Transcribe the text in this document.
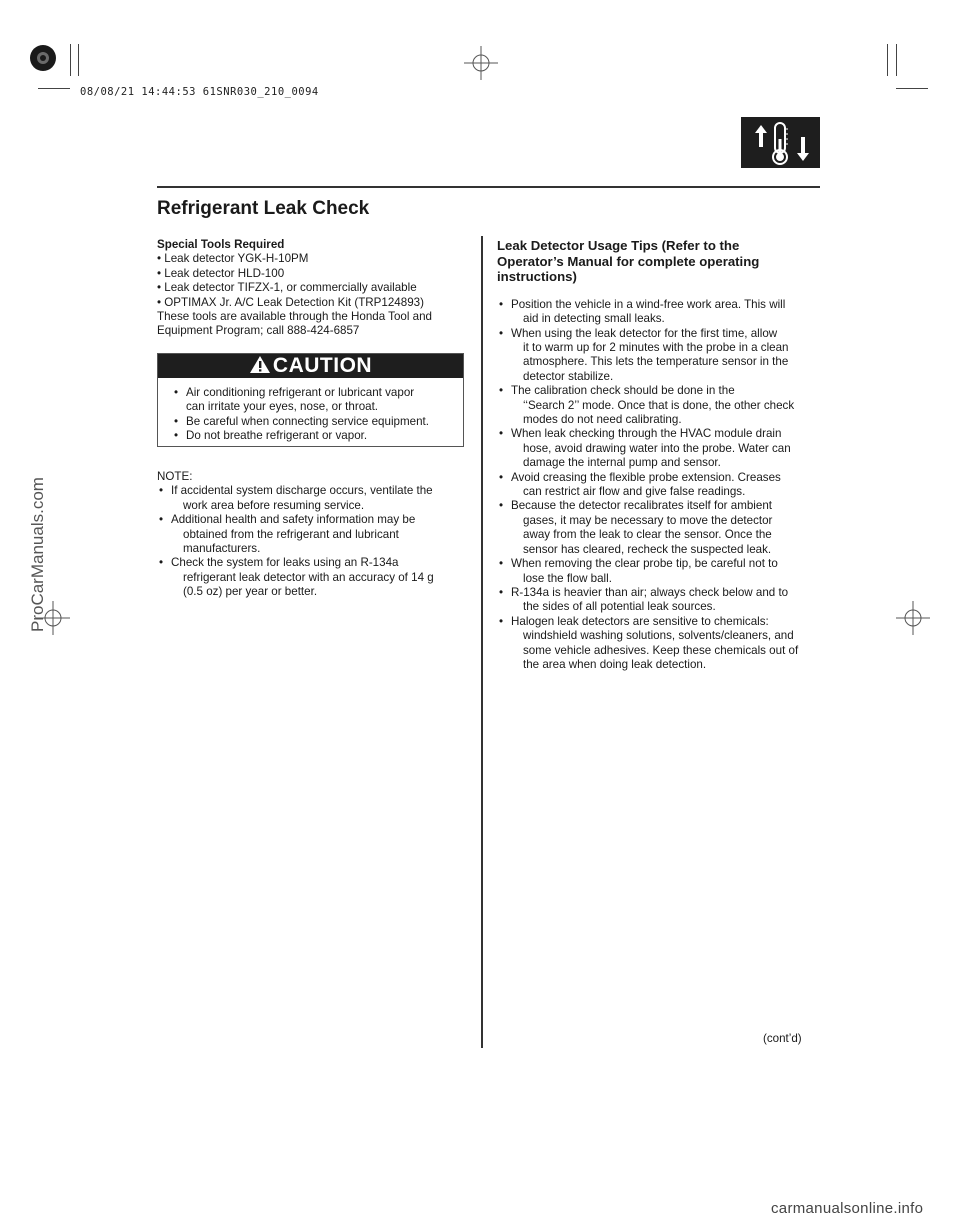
08/08/21 14:44:53 61SNR030_210_0094
Refrigerant Leak Check
Special Tools Required
• Leak detector YGK-H-10PM
• Leak detector HLD-100
• Leak detector TIFZX-1, or commercially available
• OPTIMAX Jr. A/C Leak Detection Kit (TRP124893)
These tools are available through the Honda Tool and
Equipment Program; call 888-424-6857
CAUTION
• Air conditioning refrigerant or lubricant vapor
can irritate your eyes, nose, or throat.
• Be careful when connecting service equipment.
• Do not breathe refrigerant or vapor.
NOTE:
• If accidental system discharge occurs, ventilate the
work area before resuming service.
• Additional health and safety information may be
obtained from the refrigerant and lubricant
manufacturers.
• Check the system for leaks using an R-134a
refrigerant leak detector with an accuracy of 14 g
(0.5 oz) per year or better.
Leak Detector Usage Tips (Refer to the
Operator’s Manual for complete operating
instructions)
• Position the vehicle in a wind-free work area. This will
aid in detecting small leaks.
• When using the leak detector for the first time, allow
it to warm up for 2 minutes with the probe in a clean
atmosphere. This lets the temperature sensor in the
detector stabilize.
• The calibration check should be done in the
‘‘Search 2’’ mode. Once that is done, the other check
modes do not need calibrating.
• When leak checking through the HVAC module drain
hose, avoid drawing water into the probe. Water can
damage the internal pump and sensor.
• Avoid creasing the flexible probe extension. Creases
can restrict air flow and give false readings.
• Because the detector recalibrates itself for ambient
gases, it may be necessary to move the detector
away from the leak to clear the sensor. Once the
sensor has cleared, recheck the suspected leak.
• When removing the clear probe tip, be careful not to
lose the flow ball.
• R-134a is heavier than air; always check below and to
the sides of all potential leak sources.
• Halogen leak detectors are sensitive to chemicals:
windshield washing solutions, solvents/cleaners, and
some vehicle adhesives. Keep these chemicals out of
the area when doing leak detection.
(cont’d)
ProCarManuals.com
carmanualsonline.info
